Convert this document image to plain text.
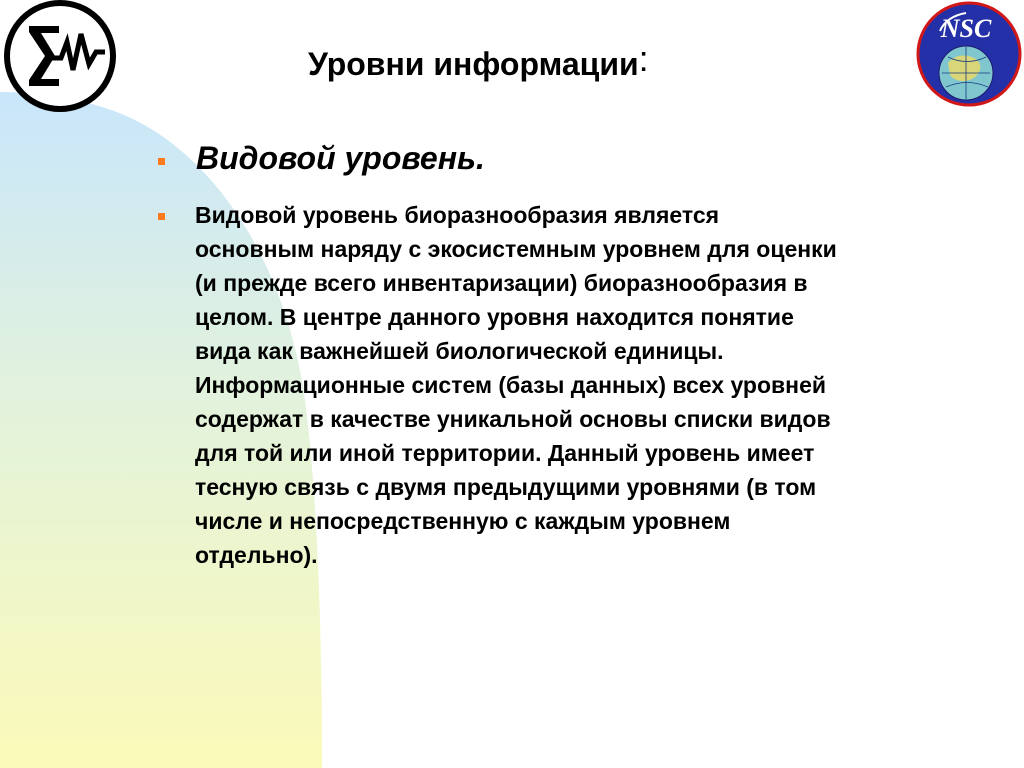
NSC
Уровни информации:
Видовой уровень.
Видовой уровень биоразнообразия является
основным наряду с экосистемным уровнем для оценки
(и прежде всего инвентаризации) биоразнообразия в
целом. В центре данного уровня находится понятие
вида как важнейшей биологической единицы.
Информационные систем (базы данных) всех уровней
содержат в качестве уникальной основы списки видов
для той или иной территории. Данный уровень имеет
тесную связь с двумя предыдущими уровнями (в том
числе и непосредственную с каждым уровнем
отдельно).
